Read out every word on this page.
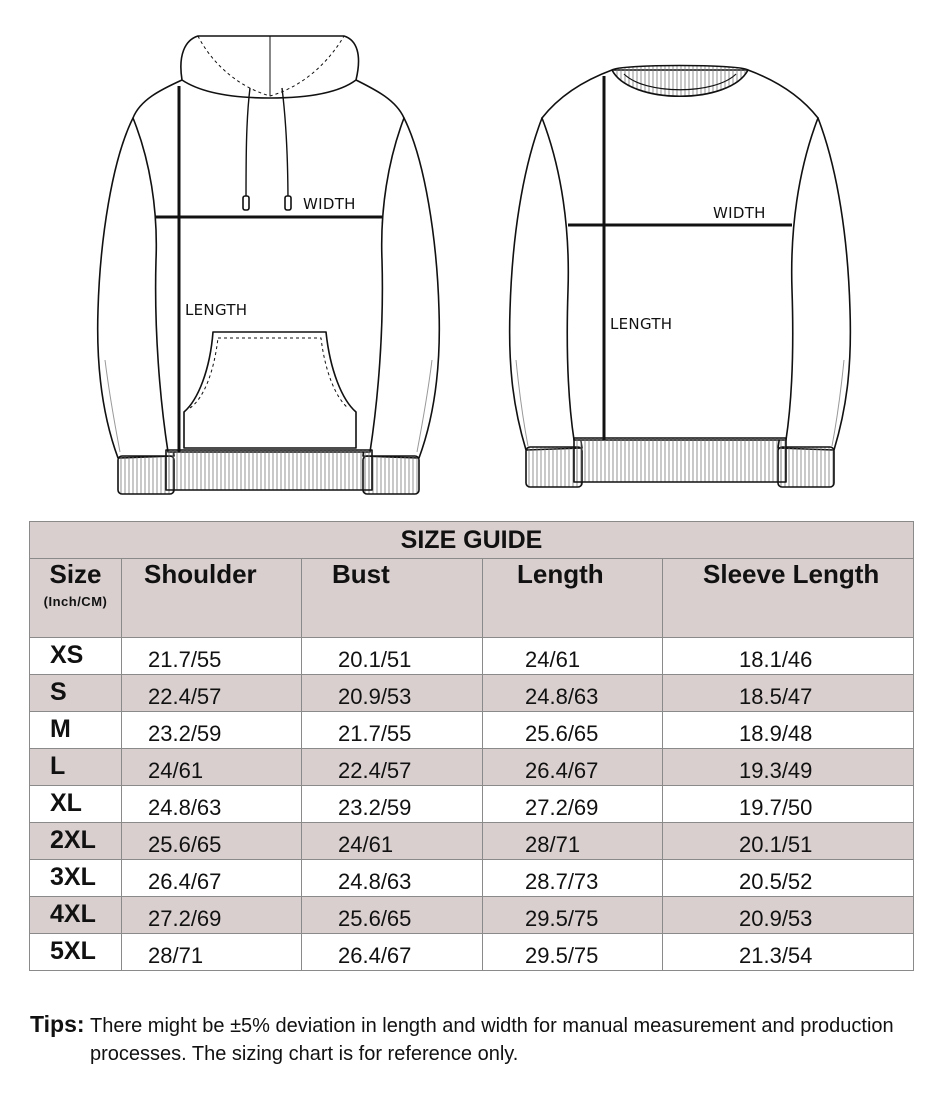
WIDTH
LENGTH
WIDTH
LENGTH
SIZE GUIDE				
Size
(Inch/CM)	Shoulder	Bust	Length	Sleeve Length
XS	21.7/55	20.1/51	24/61	18.1/46
S	22.4/57	20.9/53	24.8/63	18.5/47
M	23.2/59	21.7/55	25.6/65	18.9/48
L	24/61	22.4/57	26.4/67	19.3/49
XL	24.8/63	23.2/59	27.2/69	19.7/50
2XL	25.6/65	24/61	28/71	20.1/51
3XL	26.4/67	24.8/63	28.7/73	20.5/52
4XL	27.2/69	25.6/65	29.5/75	20.9/53
5XL	28/71	26.4/67	29.5/75	21.3/54
Tips: There might be ±5% deviation in length and width for manual measurement and production processes. The sizing chart is for reference only.
